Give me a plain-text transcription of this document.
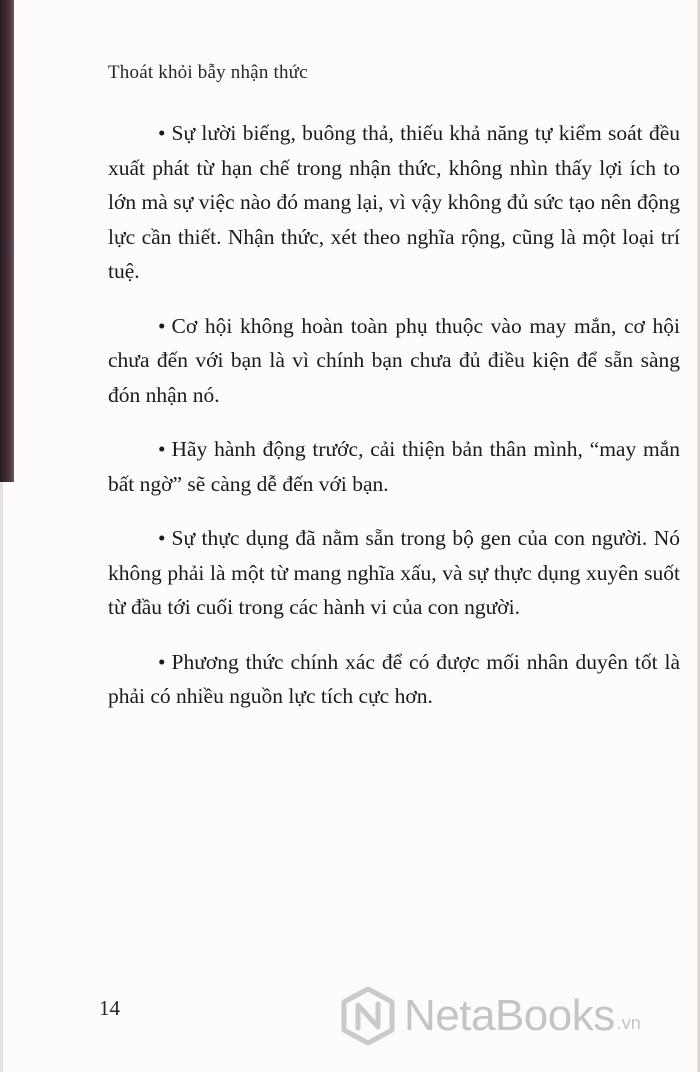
Thoát khỏi bẫy nhận thức

• Sự lười biếng, buông thả, thiếu khả năng tự kiểm soát đều xuất phát từ hạn chế trong nhận thức, không nhìn thấy lợi ích to lớn mà sự việc nào đó mang lại, vì vậy không đủ sức tạo nên động lực cần thiết. Nhận thức, xét theo nghĩa rộng, cũng là một loại trí tuệ.

• Cơ hội không hoàn toàn phụ thuộc vào may mắn, cơ hội chưa đến với bạn là vì chính bạn chưa đủ điều kiện để sẵn sàng đón nhận nó.

• Hãy hành động trước, cải thiện bản thân mình, “may mắn bất ngờ” sẽ càng dễ đến với bạn.

• Sự thực dụng đã nằm sẵn trong bộ gen của con người. Nó không phải là một từ mang nghĩa xấu, và sự thực dụng xuyên suốt từ đầu tới cuối trong các hành vi của con người.

• Phương thức chính xác để có được mối nhân duyên tốt là phải có nhiều nguồn lực tích cực hơn.

14	NetaBooks .vn
